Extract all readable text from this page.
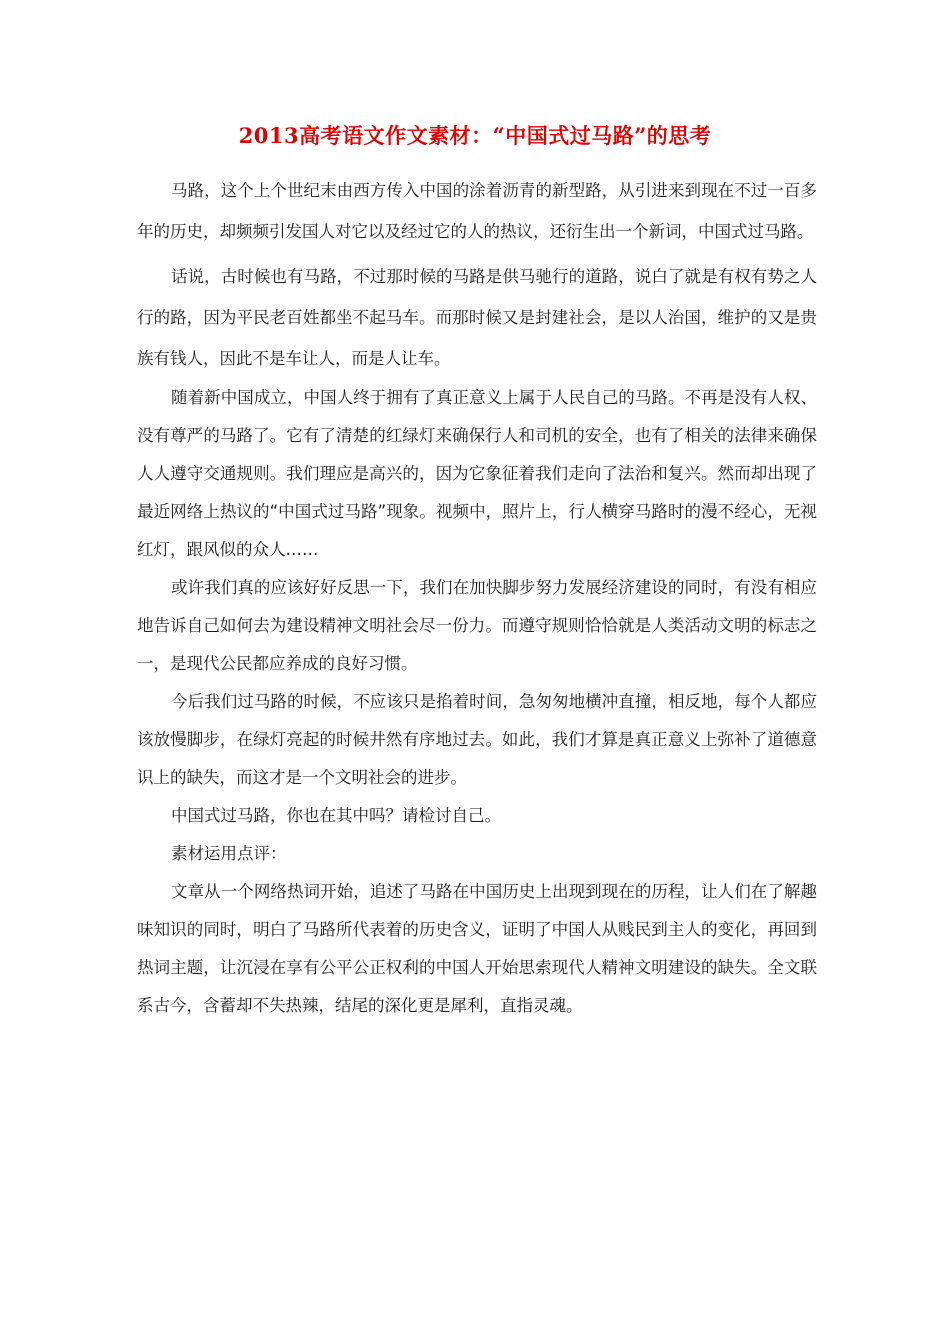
2013高考语文作文素材：“中国式过马路”的思考

马路，这个上个世纪末由西方传入中国的涂着沥青的新型路，从引进来到现在不过一百多年的历史，却频频引发国人对它以及经过它的人的热议，还衍生出一个新词，中国式过马路。

话说，古时候也有马路，不过那时候的马路是供马驰行的道路，说白了就是有权有势之人行的路，因为平民老百姓都坐不起马车。而那时候又是封建社会，是以人治国，维护的又是贵族有钱人，因此不是车让人，而是人让车。

随着新中国成立，中国人终于拥有了真正意义上属于人民自己的马路。不再是没有人权、没有尊严的马路了。它有了清楚的红绿灯来确保行人和司机的安全，也有了相关的法律来确保人人遵守交通规则。我们理应是高兴的，因为它象征着我们走向了法治和复兴。然而却出现了最近网络上热议的“中国式过马路”现象。视频中，照片上，行人横穿马路时的漫不经心，无视红灯，跟风似的众人……

或许我们真的应该好好反思一下，我们在加快脚步努力发展经济建设的同时，有没有相应地告诉自己如何去为建设精神文明社会尽一份力。而遵守规则恰恰就是人类活动文明的标志之一，是现代公民都应养成的良好习惯。

今后我们过马路的时候，不应该只是掐着时间，急匆匆地横冲直撞，相反地，每个人都应该放慢脚步，在绿灯亮起的时候井然有序地过去。如此，我们才算是真正意义上弥补了道德意识上的缺失，而这才是一个文明社会的进步。

中国式过马路，你也在其中吗？请检讨自己。

素材运用点评：

文章从一个网络热词开始，追述了马路在中国历史上出现到现在的历程，让人们在了解趣味知识的同时，明白了马路所代表着的历史含义，证明了中国人从贱民到主人的变化，再回到热词主题，让沉浸在享有公平公正权利的中国人开始思索现代人精神文明建设的缺失。全文联系古今，含蓄却不失热辣，结尾的深化更是犀利，直指灵魂。
